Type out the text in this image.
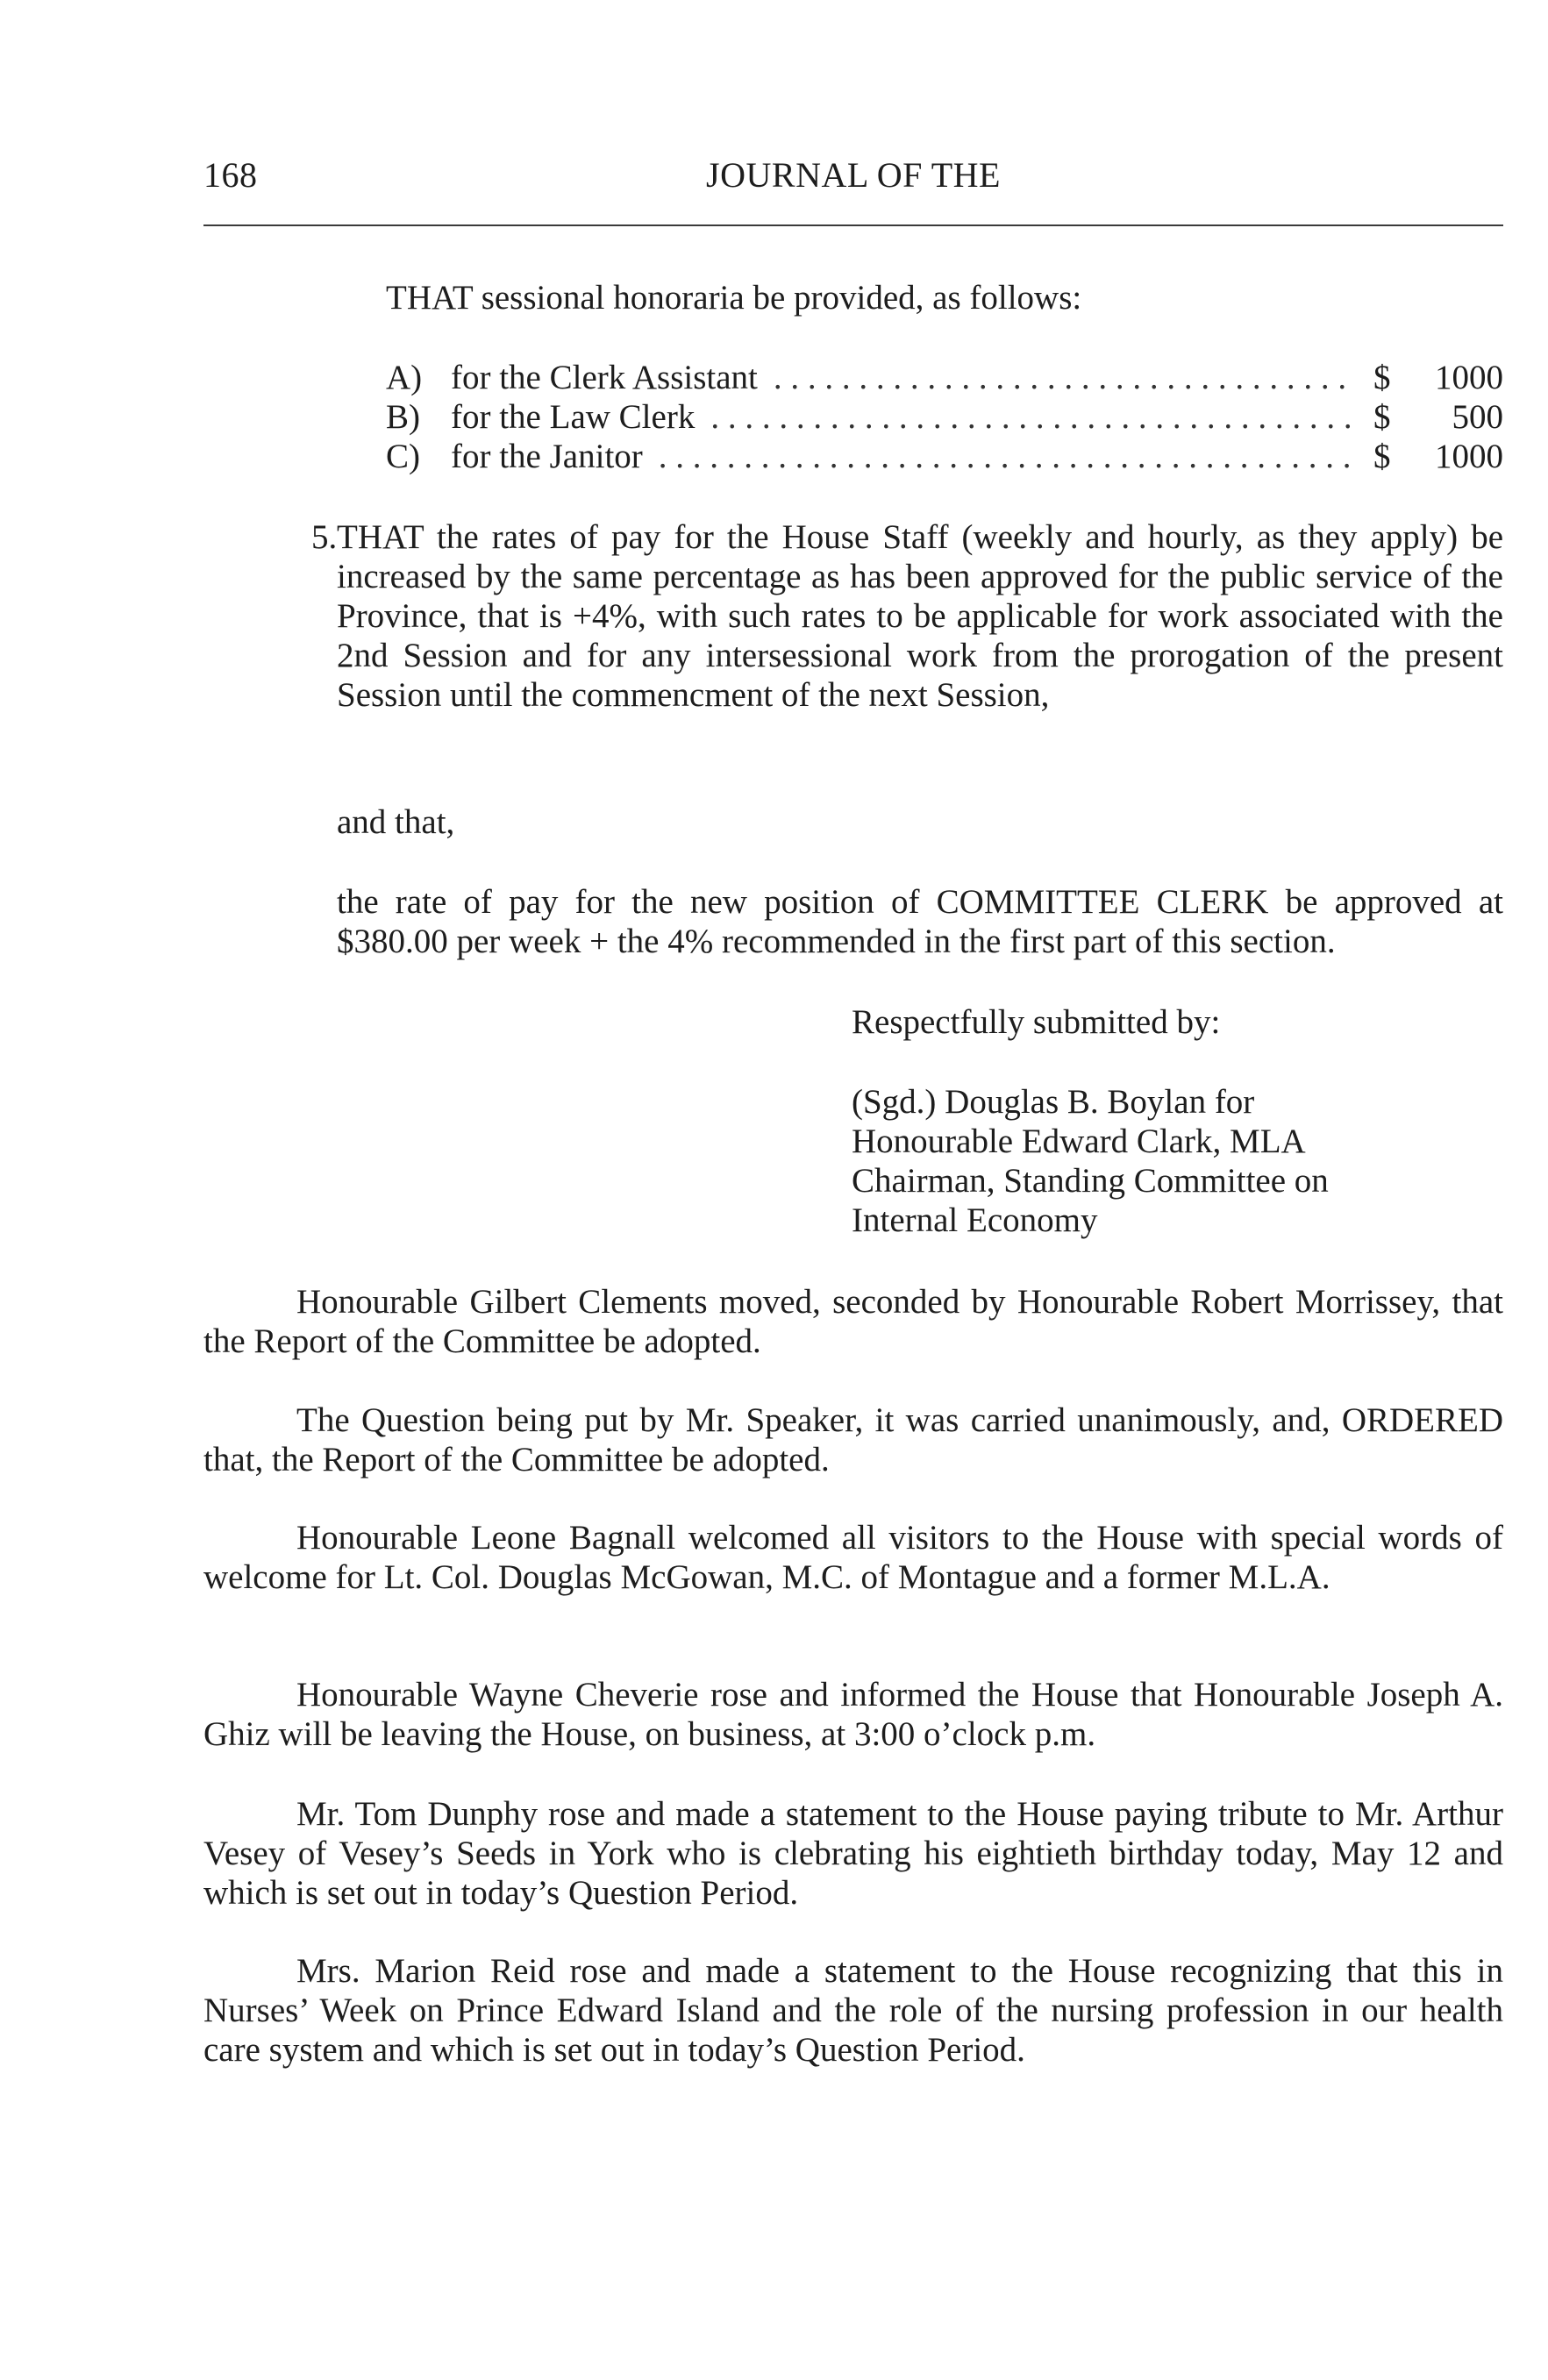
168	JOURNAL OF THE
THAT sessional honoraria be provided, as follows:
A) for the Clerk Assistant . . .	$	1000
B) for the Law Clerk . . .	$	500
C) for the Janitor . . .	$	1000
5. THAT the rates of pay for the House Staff (weekly and hourly, as they apply) be increased by the same percentage as has been approved for the public service of the Province, that is +4%, with such rates to be applicable for work associated with the 2nd Session and for any intersessional work from the prorogation of the present Session until the commencment of the next Session,
and that,
the rate of pay for the new position of COMMITTEE CLERK be approved at $380.00 per week + the 4% recommended in the first part of this section.
Respectfully submitted by:
(Sgd.) Douglas B. Boylan for
Honourable Edward Clark, MLA
Chairman, Standing Committee on
Internal Economy
Honourable Gilbert Clements moved, seconded by Honourable Robert Morrissey, that the Report of the Committee be adopted.
The Question being put by Mr. Speaker, it was carried unanimously, and, ORDERED that, the Report of the Committee be adopted.
Honourable Leone Bagnall welcomed all visitors to the House with special words of welcome for Lt. Col. Douglas McGowan, M.C. of Montague and a former M.L.A.
Honourable Wayne Cheverie rose and informed the House that Honourable Joseph A. Ghiz will be leaving the House, on business, at 3:00 o’clock p.m.
Mr. Tom Dunphy rose and made a statement to the House paying tribute to Mr. Arthur Vesey of Vesey’s Seeds in York who is clebrating his eightieth birthday today, May 12 and which is set out in today’s Question Period.
Mrs. Marion Reid rose and made a statement to the House recognizing that this in Nurses’ Week on Prince Edward Island and the role of the nursing profession in our health care system and which is set out in today’s Question Period.
